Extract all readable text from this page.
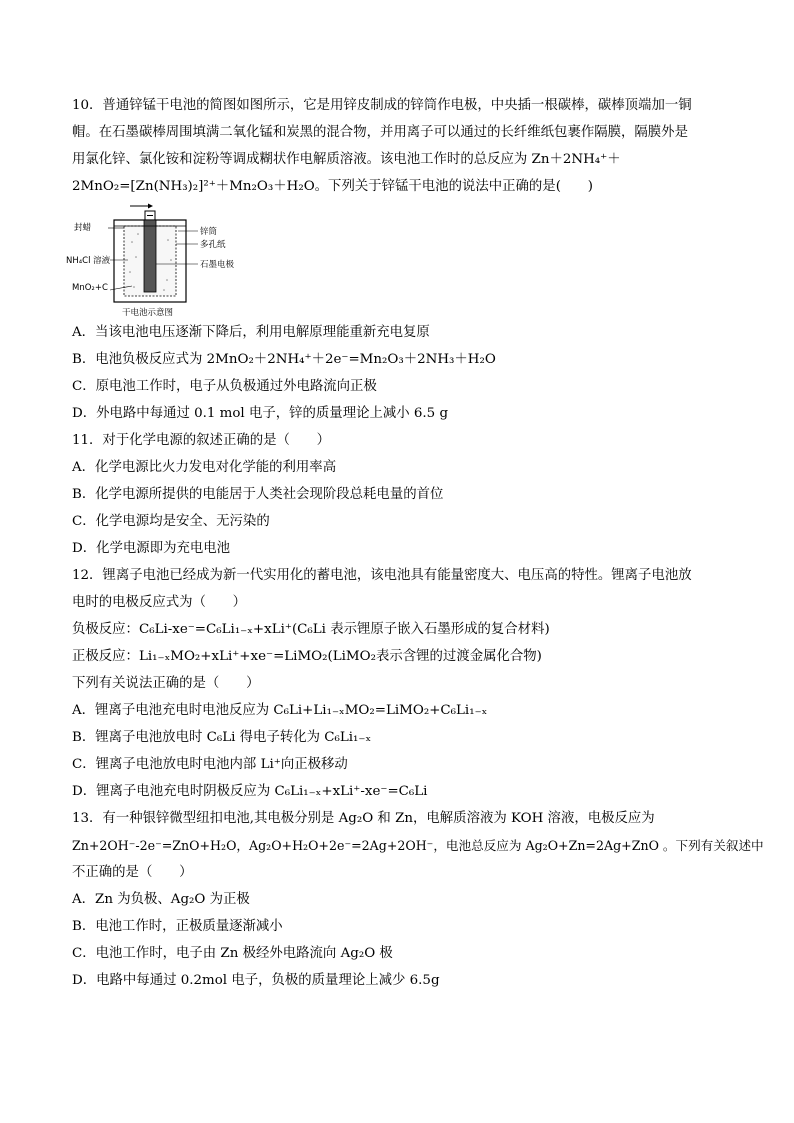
10．普通锌锰干电池的简图如图所示，它是用锌皮制成的锌筒作电极，中央插一根碳棒，碳棒顶端加一铜
帽。在石墨碳棒周围填满二氧化锰和炭黑的混合物，并用离子可以通过的长纤维纸包裹作隔膜，隔膜外是
用氯化锌、氯化铵和淀粉等调成糊状作电解质溶液。该电池工作时的总反应为 Zn＋2NH₄⁺＋
2MnO₂=[Zn(NH₃)₂]²⁺＋Mn₂O₃＋H₂O。下列关于锌锰干电池的说法中正确的是(　　)
封蜡
NH₄Cl 溶液
MnO₂+C
锌筒
多孔纸
石墨电极
干电池示意图
A．当该电池电压逐渐下降后，利用电解原理能重新充电复原
B．电池负极反应式为 2MnO₂＋2NH₄⁺＋2e⁻=Mn₂O₃＋2NH₃＋H₂O
C．原电池工作时，电子从负极通过外电路流向正极
D．外电路中每通过 0.1 mol 电子，锌的质量理论上减小 6.5 g
11．对于化学电源的叙述正确的是（　　）
A．化学电源比火力发电对化学能的利用率高
B．化学电源所提供的电能居于人类社会现阶段总耗电量的首位
C．化学电源均是安全、无污染的
D．化学电源即为充电电池
12．锂离子电池已经成为新一代实用化的蓄电池，该电池具有能量密度大、电压高的特性。锂离子电池放
电时的电极反应式为（　　）
负极反应：C₆Li-xe⁻=C₆Li₁₋ₓ+xLi⁺(C₆Li 表示锂原子嵌入石墨形成的复合材料)
正极反应：Li₁₋ₓMO₂+xLi⁺+xe⁻=LiMO₂(LiMO₂表示含锂的过渡金属化合物)
下列有关说法正确的是（　　）
A．锂离子电池充电时电池反应为 C₆Li+Li₁₋ₓMO₂=LiMO₂+C₆Li₁₋ₓ
B．锂离子电池放电时 C₆Li 得电子转化为 C₆Li₁₋ₓ
C．锂离子电池放电时电池内部 Li⁺向正极移动
D．锂离子电池充电时阴极反应为 C₆Li₁₋ₓ+xLi⁺-xe⁻=C₆Li
13．有一种银锌微型纽扣电池,其电极分别是 Ag₂O 和 Zn，电解质溶液为 KOH 溶液，电极反应为
Zn+2OH⁻-2e⁻=ZnO+H₂O，Ag₂O+H₂O+2e⁻=2Ag+2OH⁻，电池总反应为 Ag₂O+Zn=2Ag+ZnO 。下列有关叙述中
不正确的是（　　）
A．Zn 为负极、Ag₂O 为正极
B．电池工作时，正极质量逐渐减小
C．电池工作时，电子由 Zn 极经外电路流向 Ag₂O 极
D．电路中每通过 0.2mol 电子，负极的质量理论上减少 6.5g
